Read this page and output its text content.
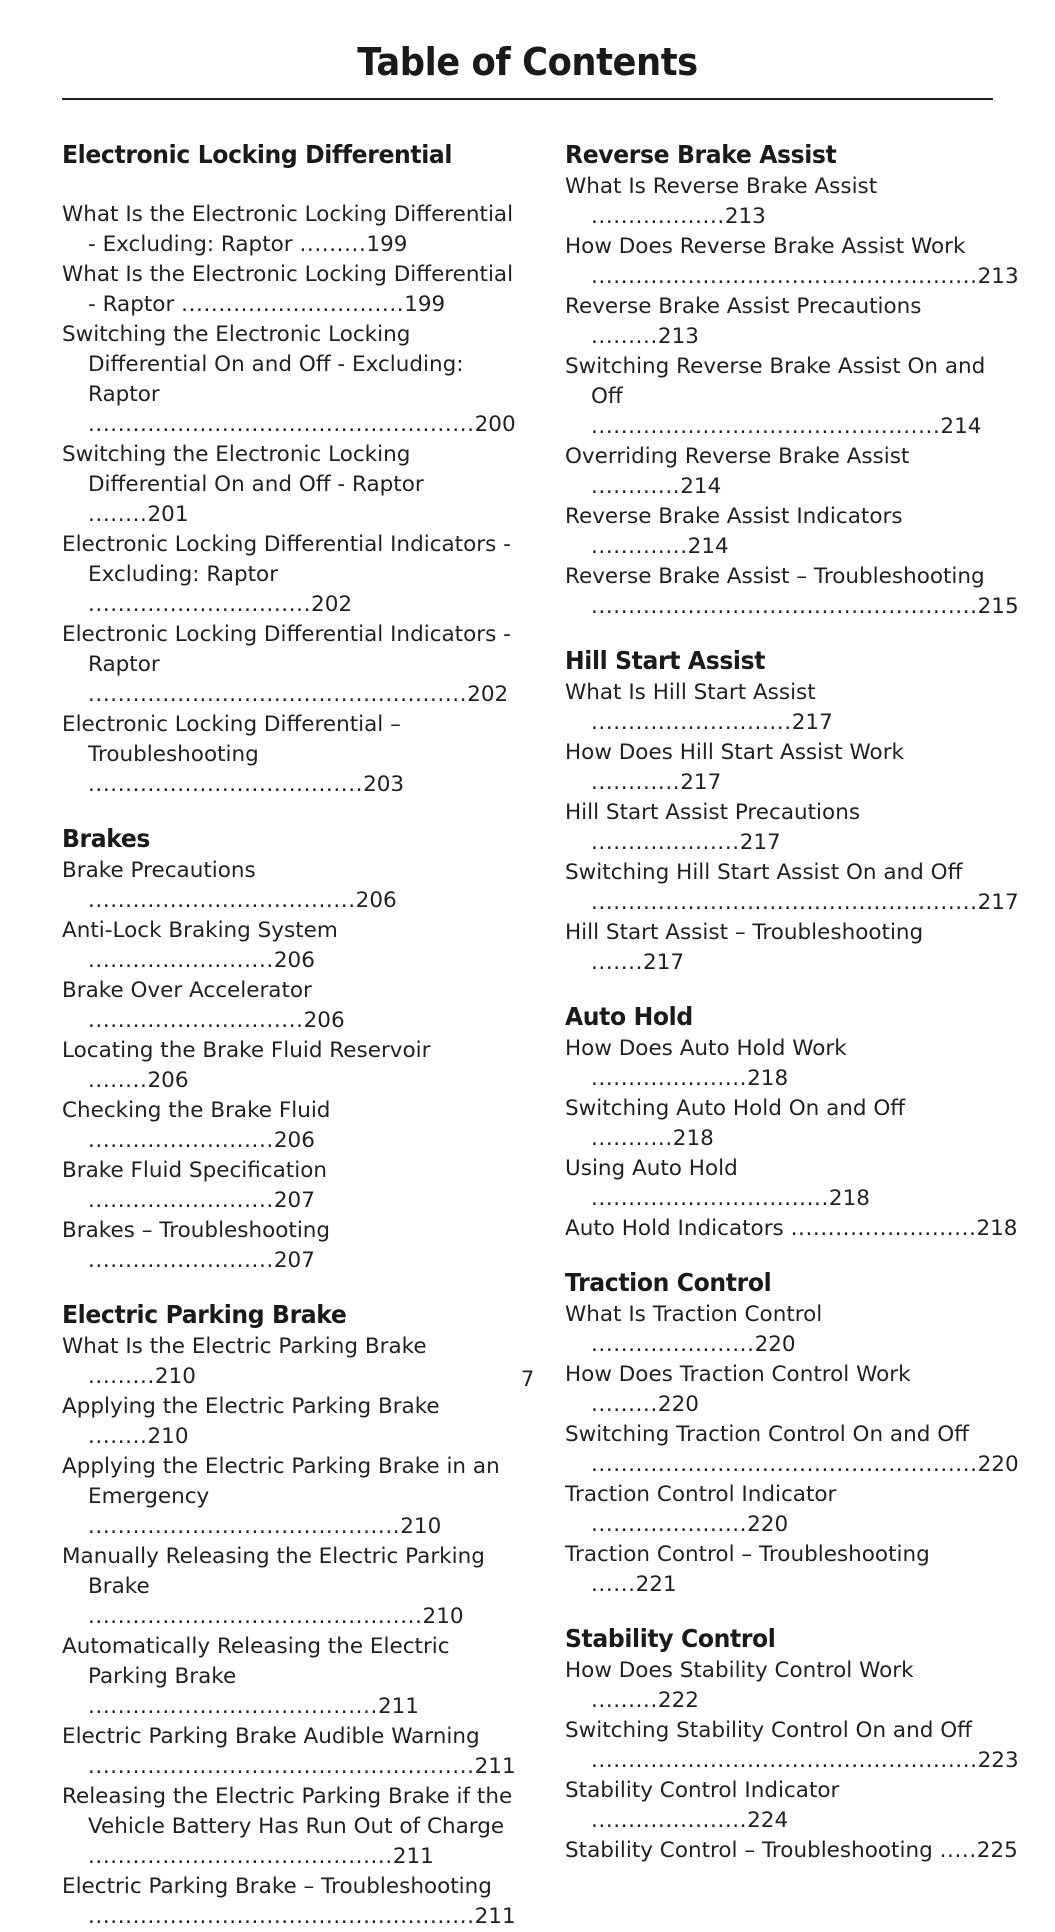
Table of Contents
Electronic Locking Differential
What Is the Electronic Locking Differential - Excluding: Raptor .........199
What Is the Electronic Locking Differential - Raptor ..............................199
Switching the Electronic Locking Differential On and Off - Excluding: Raptor ....................................................200
Switching the Electronic Locking Differential On and Off - Raptor ........201
Electronic Locking Differential Indicators - Excluding: Raptor ..............................202
Electronic Locking Differential Indicators - Raptor ...................................................202
Electronic Locking Differential – Troubleshooting .....................................203
Brakes
Brake Precautions ....................................206
Anti-Lock Braking System .........................206
Brake Over Accelerator .............................206
Locating the Brake Fluid Reservoir ........206
Checking the Brake Fluid .........................206
Brake Fluid Specification .........................207
Brakes – Troubleshooting .........................207
Electric Parking Brake
What Is the Electric Parking Brake .........210
Applying the Electric Parking Brake ........210
Applying the Electric Parking Brake in an Emergency ..........................................210
Manually Releasing the Electric Parking Brake .............................................210
Automatically Releasing the Electric Parking Brake .......................................211
Electric Parking Brake Audible Warning
....................................................211
Releasing the Electric Parking Brake if the Vehicle Battery Has Run Out of Charge .........................................211
Electric Parking Brake – Troubleshooting
....................................................211
Reverse Brake Assist
What Is Reverse Brake Assist ..................213
How Does Reverse Brake Assist Work
....................................................213
Reverse Brake Assist Precautions .........213
Switching Reverse Brake Assist On and Off ...............................................214
Overriding Reverse Brake Assist ............214
Reverse Brake Assist Indicators .............214
Reverse Brake Assist – Troubleshooting
....................................................215
Hill Start Assist
What Is Hill Start Assist ...........................217
How Does Hill Start Assist Work ............217
Hill Start Assist Precautions ....................217
Switching Hill Start Assist On and Off
....................................................217
Hill Start Assist – Troubleshooting .......217
Auto Hold
How Does Auto Hold Work .....................218
Switching Auto Hold On and Off ...........218
Using Auto Hold ................................218
Auto Hold Indicators .........................218
Traction Control
What Is Traction Control ......................220
How Does Traction Control Work .........220
Switching Traction Control On and Off
....................................................220
Traction Control Indicator .....................220
Traction Control – Troubleshooting ......221
Stability Control
How Does Stability Control Work .........222
Switching Stability Control On and Off
....................................................223
Stability Control Indicator .....................224
Stability Control – Troubleshooting .....225
7
